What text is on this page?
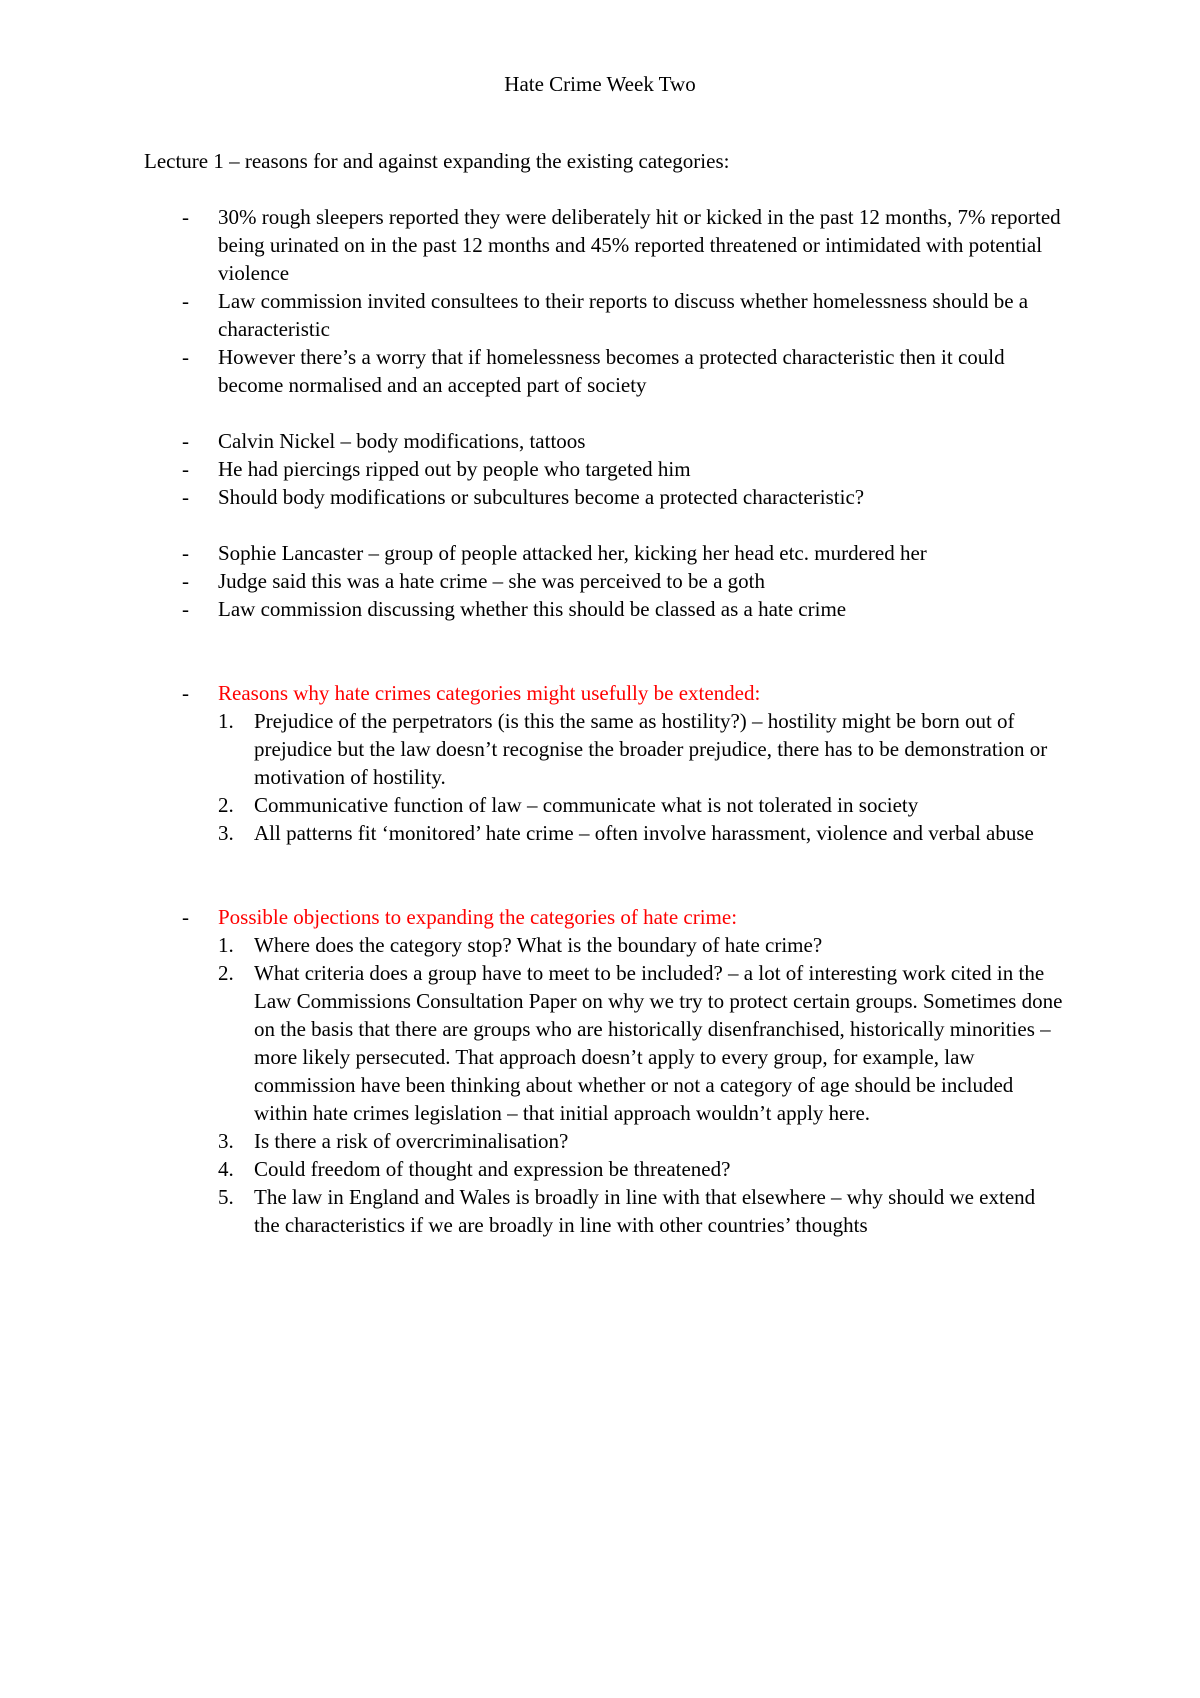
Hate Crime Week Two
Lecture 1 – reasons for and against expanding the existing categories:
- 30% rough sleepers reported they were deliberately hit or kicked in the past 12 months, 7% reported being urinated on in the past 12 months and 45% reported threatened or intimidated with potential violence
- Law commission invited consultees to their reports to discuss whether homelessness should be a characteristic
- However there’s a worry that if homelessness becomes a protected characteristic then it could become normalised and an accepted part of society
- Calvin Nickel – body modifications, tattoos
- He had piercings ripped out by people who targeted him
- Should body modifications or subcultures become a protected characteristic?
- Sophie Lancaster – group of people attacked her, kicking her head etc. murdered her
- Judge said this was a hate crime – she was perceived to be a goth
- Law commission discussing whether this should be classed as a hate crime
- Reasons why hate crimes categories might usefully be extended:
1. Prejudice of the perpetrators (is this the same as hostility?) – hostility might be born out of prejudice but the law doesn’t recognise the broader prejudice, there has to be demonstration or motivation of hostility.
2. Communicative function of law – communicate what is not tolerated in society
3. All patterns fit ‘monitored’ hate crime – often involve harassment, violence and verbal abuse
- Possible objections to expanding the categories of hate crime:
1. Where does the category stop? What is the boundary of hate crime?
2. What criteria does a group have to meet to be included? – a lot of interesting work cited in the Law Commissions Consultation Paper on why we try to protect certain groups. Sometimes done on the basis that there are groups who are historically disenfranchised, historically minorities – more likely persecuted. That approach doesn’t apply to every group, for example, law commission have been thinking about whether or not a category of age should be included within hate crimes legislation – that initial approach wouldn’t apply here.
3. Is there a risk of overcriminalisation?
4. Could freedom of thought and expression be threatened?
5. The law in England and Wales is broadly in line with that elsewhere – why should we extend the characteristics if we are broadly in line with other countries’ thoughts
